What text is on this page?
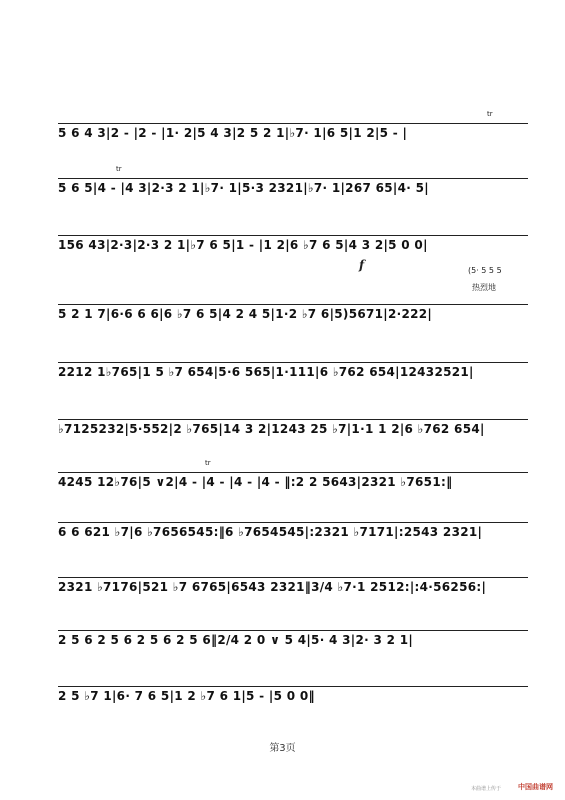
5 6 4 3|2 - |2 - |1· 2|5 4 3|2 5 2 1|♭7· 1|6 5|1 2|5 - |
tr
5 6 5|4 - |4 3|2·3 2 1|♭7· 1|5·3 2321|♭7· 1|267 65|4· 5|
tr
156 43|2·3|2·3 2 1|♭7 6 5|1 - |1 2|6 ♭7 6 5|4 3 2|5 0 0|
f	(5· 5 5 5
5 2 1 7|6·6 6 6|6 ♭7 6 5|4 2 4 5|1·2 ♭7 6|5)5671|2·222|
热烈地
2212 1♭765|1 5 ♭7 654|5·6 565|1·111|6 ♭762 654|12432521|
♭7125232|5·552|2 ♭765|14 3 2|1243 25 ♭7|1·1 1 2|6 ♭762 654|
4245 12♭76|5 ∨2|4 - |4 - |4 - |4 - ‖:2 2 5643|2321 ♭7651:‖
tr
6 6 621 ♭7|6 ♭7656545:‖6 ♭7654545|:2321 ♭7171|:2543 2321|
2321 ♭7176|521 ♭7 6765|6543 2321‖3/4 ♭7·1 2512:|:4·56256:|
2 5 6 2 5 6 2 5 6 2 5 6‖2/4 2 0 ∨ 5 4|5· 4 3|2· 3 2 1|
2 5 ♭7 1|6· 7 6 5|1 2 ♭7 6 1|5 - |5 0 0‖
第3页
本曲谱上传于 中国曲谱网
